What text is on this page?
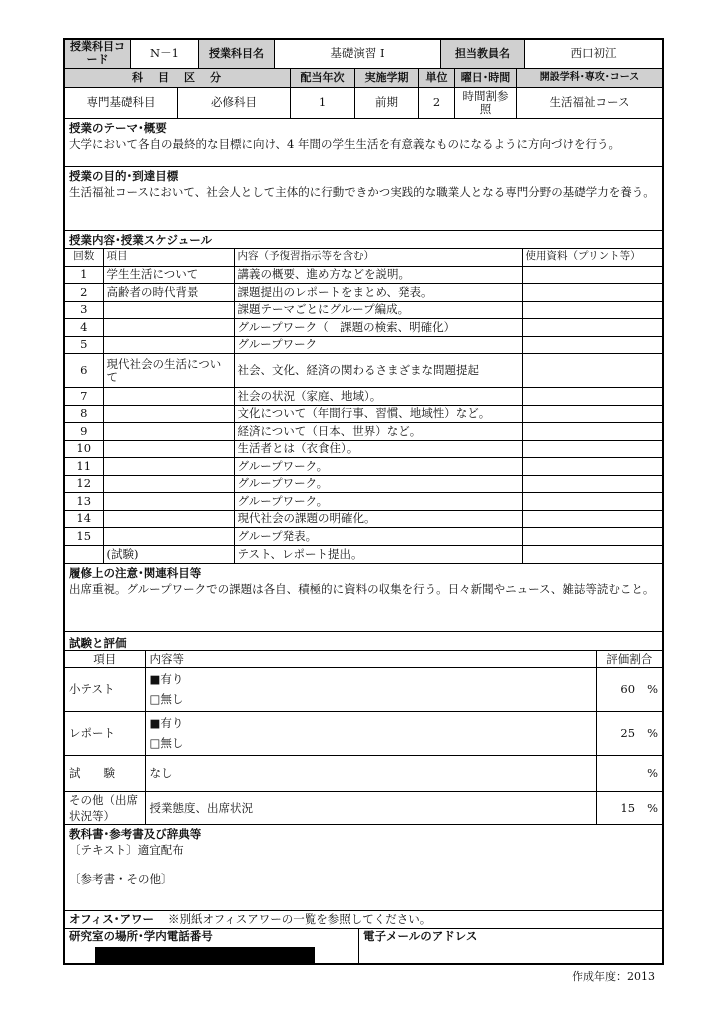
授業科目コード	N－1	授業科目名	基礎演習 I	担当教員名	西口初江
科　目　区　分	配当年次	実施学期	単位	曜日･時間	開設学科･専攻･コース
専門基礎科目	必修科目	1	前期	2	時間割参照	生活福祉コース
授業のテーマ･概要
大学において各自の最終的な目標に向け、4 年間の学生生活を有意義なものになるように方向づけを行う。
授業の目的･到達目標
生活福祉コースにおいて、社会人として主体的に行動できかつ実践的な職業人となる専門分野の基礎学力を養う。
授業内容･授業スケジュール
回数	項目	内容（予復習指示等を含む）	使用資料（プリント等）
1	学生生活について	講義の概要、進め方などを説明。	
2	高齢者の時代背景	課題提出のレポートをまとめ、発表。	
3		課題テーマごとにグループ編成。	
4		グループワーク（　課題の検索、明確化）	
5		グループワーク	
6	現代社会の生活について	社会、文化、経済の関わるさまざまな問題提起	
7		社会の状況（家庭、地域）。	
8		文化について（年間行事、習慣、地域性）など。	
9		経済について（日本、世界）など。	
10		生活者とは（衣食住）。	
11		グループワーク。	
12		グループワーク。	
13		グループワーク。	
14		現代社会の課題の明確化。	
15		グループ発表。	
	(試験)	テスト、レポート提出。	
履修上の注意･関連科目等
出席重視。グループワークでの課題は各自、積極的に資料の収集を行う。日々新聞やニュース、雑誌等読むこと。
試験と評価
項目	内容等	評価割合
小テスト	■有り
□無し	60 %
レポート	■有り
□無し	25 %
試　　験	なし	%
その他（出席状況等）	授業態度、出席状況	15 %
教科書･参考書及び辞典等
〔テキスト〕適宜配布
〔参考書・その他〕
オフィス･アワー	※別紙オフィスアワーの一覧を参照してください。
研究室の場所･学内電話番号	電子メールのアドレス
作成年度：2013
